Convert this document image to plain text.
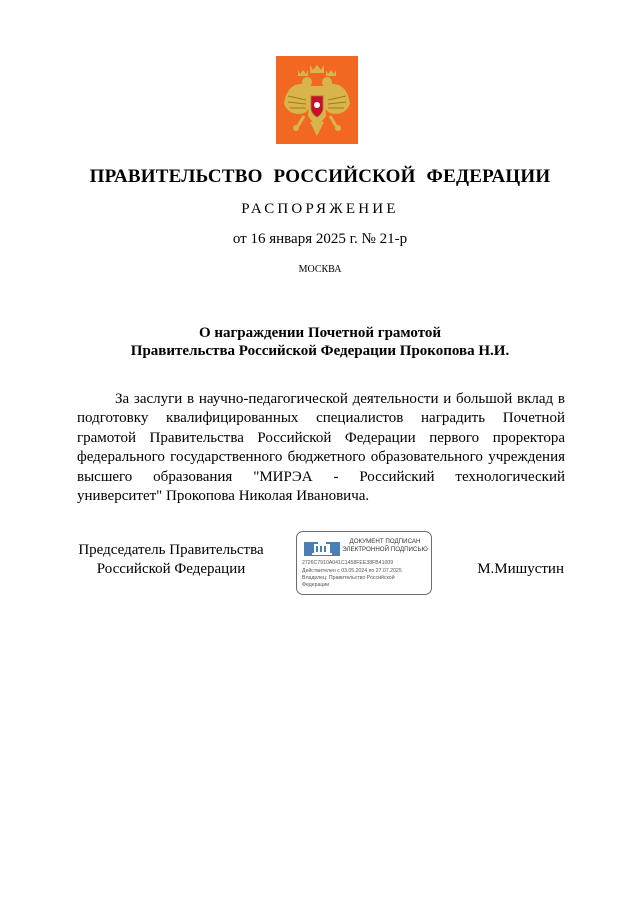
ПРАВИТЕЛЬСТВО РОССИЙСКОЙ ФЕДЕРАЦИИ
РАСПОРЯЖЕНИЕ
от 16 января 2025 г. № 21-р
МОСКВА
О награждении Почетной грамотой
Правительства Российской Федерации Прокопова Н.И.
За заслуги в научно-педагогической деятельности и большой вклад в подготовку квалифицированных специалистов наградить Почетной грамотой Правительства Российской Федерации первого проректора федерального государственного бюджетного образовательного учреждения высшего образования "МИРЭА - Российский технологический университет" Прокопова Николая Ивановича.
Председатель Правительства
Российской Федерации
ДОКУМЕНТ ПОДПИСАН
ЭЛЕКТРОННОЙ ПОДПИСЬЮ
2726C7910A041C1458FEE38FB41009
Действителен с 03.05.2024 по 27.07.2025
Владелец: Правительство Российской Федерации
М.Мишустин
